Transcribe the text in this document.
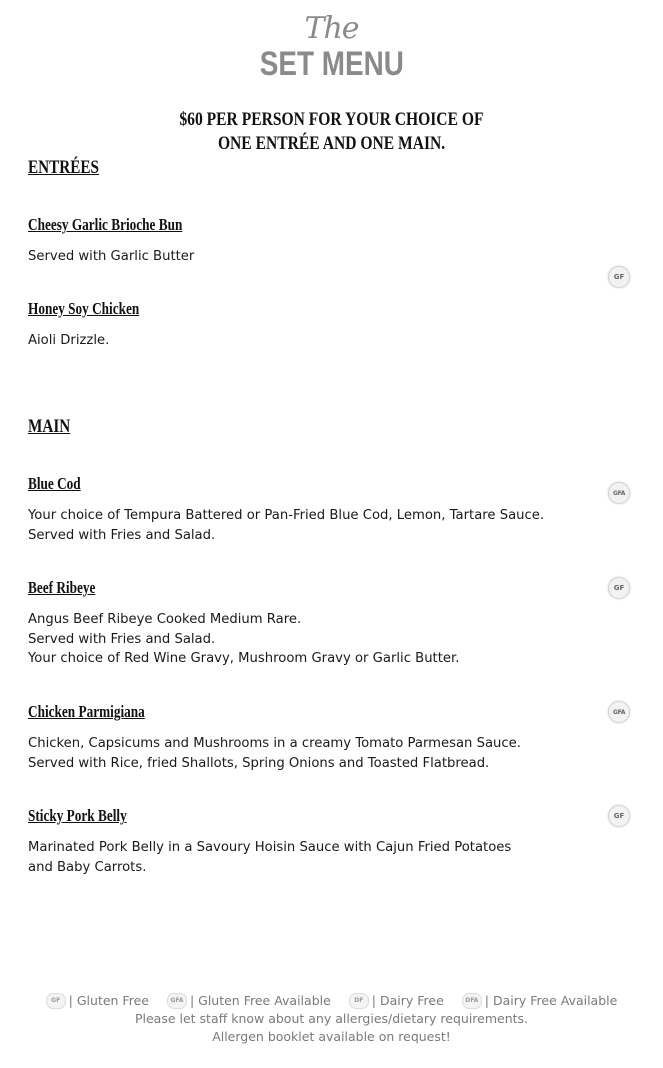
The
SET MENU
$60 PER PERSON FOR YOUR CHOICE OF
ONE ENTRÉE AND ONE MAIN.
ENTRÉES
Cheesy Garlic Brioche Bun
Served with Garlic Butter
GF
Honey Soy Chicken
Aioli Drizzle.
MAIN
Blue Cod	GFA
Your choice of Tempura Battered or Pan-Fried Blue Cod, Lemon, Tartare Sauce.
Served with Fries and Salad.
Beef Ribeye	GF
Angus Beef Ribeye Cooked Medium Rare.
Served with Fries and Salad.
Your choice of Red Wine Gravy, Mushroom Gravy or Garlic Butter.
Chicken Parmigiana	GFA
Chicken, Capsicums and Mushrooms in a creamy Tomato Parmesan Sauce.
Served with Rice, fried Shallots, Spring Onions and Toasted Flatbread.
Sticky Pork Belly	GF
Marinated Pork Belly in a Savoury Hoisin Sauce with Cajun Fried Potatoes
and Baby Carrots.
GF | Gluten Free	GFA | Gluten Free Available	DF | Dairy Free	DFA | Dairy Free Available
Please let staff know about any allergies/dietary requirements.
Allergen booklet available on request!
